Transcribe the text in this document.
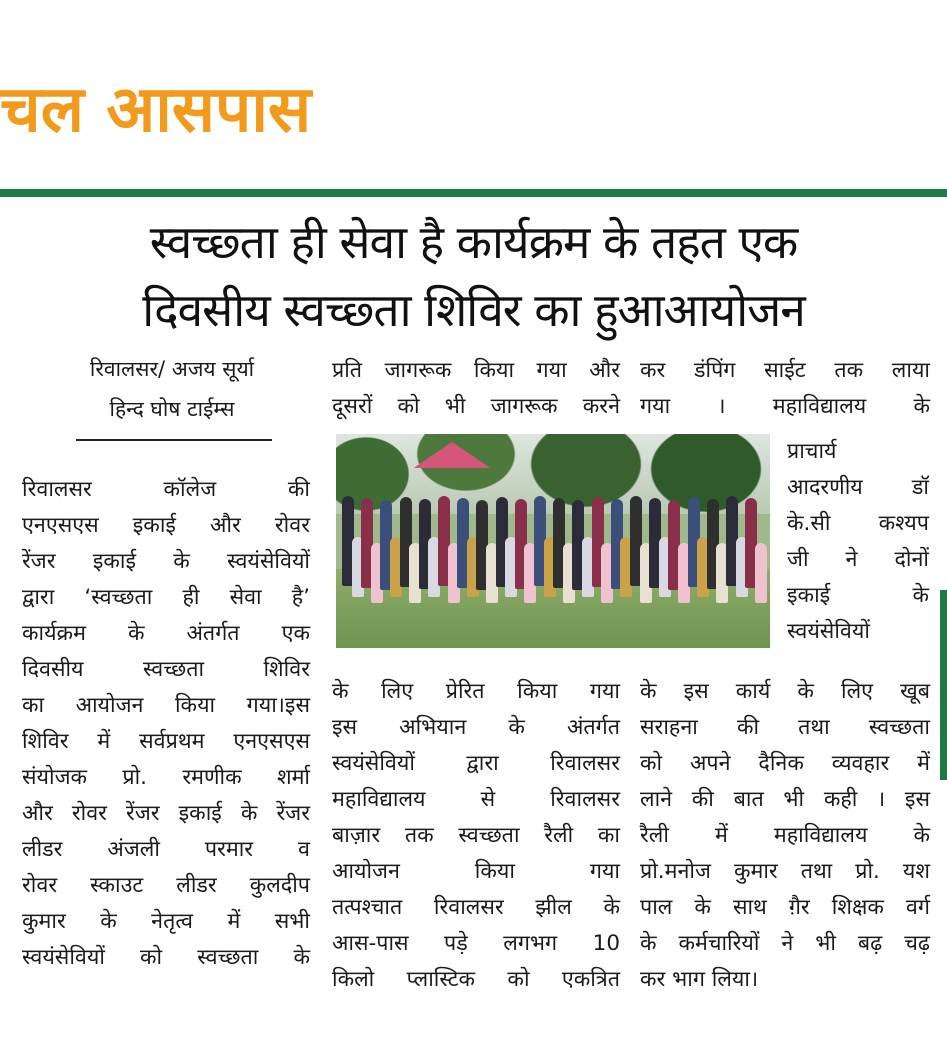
चल आसपास
स्वच्छ्ता ही सेवा है कार्यक्रम के तहत एक
दिवसीय स्वच्छ्ता शिविर का हुआआयोजन
रिवालसर/ अजय सूर्या
हिन्द घोष टाईम्स
रिवालसर कॉलेज की
एनएसएस इकाई और रोवर
रेंजर इकाई के स्वयंसेवियों
द्वारा ‘स्वच्छता ही सेवा है’
कार्यक्रम के अंतर्गत एक
दिवसीय स्वच्छता शिविर
का आयोजन किया गया।इस
शिविर में सर्वप्रथम एनएसएस
संयोजक प्रो. रमणीक शर्मा
और रोवर रेंजर इकाई के रेंजर
लीडर अंजली परमार व
रोवर स्काउट लीडर कुलदीप
कुमार के नेतृत्व में सभी
स्वयंसेवियों को स्वच्छता के
प्रति जागरूक किया गया और
दूसरों को भी जागरूक करने
के लिए प्रेरित किया गया
इस अभियान के अंतर्गत
स्वयंसेवियों द्वारा रिवालसर
महाविद्यालय से रिवालसर
बाज़ार तक स्वच्छता रैली का
आयोजन किया गया
तत्पश्चात रिवालसर झील के
आस-पास पड़े लगभग 10
किलो प्लास्टिक को एकत्रित
कर डंपिंग साईट तक लाया
गया । महाविद्यालय के
प्राचार्य
आदरणीय डॉ
के.सी कश्यप
जी ने दोनों
इकाई के
स्वयंसेवियों
के इस कार्य के लिए खूब
सराहना की तथा स्वच्छता
को अपने दैनिक व्यवहार में
लाने की बात भी कही । इस
रैली में महाविद्यालय के
प्रो.मनोज कुमार तथा प्रो. यश
पाल के साथ ग़ैर शिक्षक वर्ग
के कर्मचारियों ने भी बढ़ चढ़
कर भाग लिया।
